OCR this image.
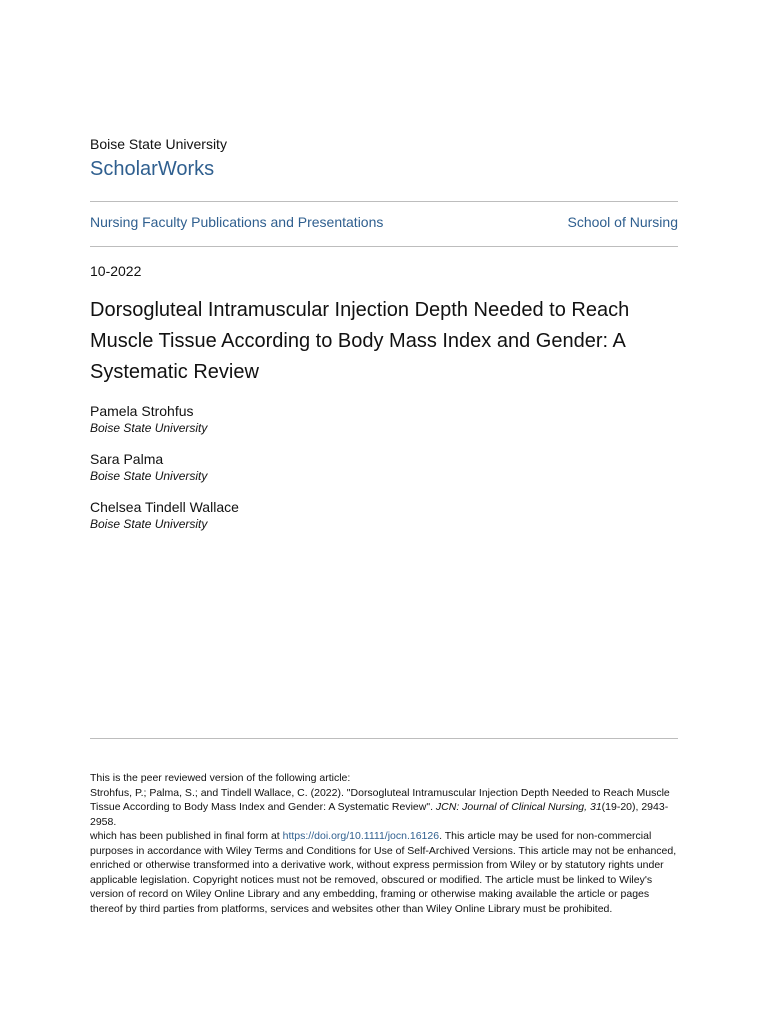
Boise State University
ScholarWorks
Nursing Faculty Publications and Presentations	School of Nursing
10-2022
Dorsogluteal Intramuscular Injection Depth Needed to Reach Muscle Tissue According to Body Mass Index and Gender: A Systematic Review
Pamela Strohfus
Boise State University
Sara Palma
Boise State University
Chelsea Tindell Wallace
Boise State University

This is the peer reviewed version of the following article:

Strohfus, P.; Palma, S.; and Tindell Wallace, C. (2022). "Dorsogluteal Intramuscular Injection Depth Needed to Reach Muscle Tissue According to Body Mass Index and Gender: A Systematic Review". JCN: Journal of Clinical Nursing, 31(19-20), 2943-2958.

which has been published in final form at https://doi.org/10.1111/jocn.16126. This article may be used for non-commercial purposes in accordance with Wiley Terms and Conditions for Use of Self-Archived Versions. This article may not be enhanced, enriched or otherwise transformed into a derivative work, without express permission from Wiley or by statutory rights under applicable legislation. Copyright notices must not be removed, obscured or modified. The article must be linked to Wiley's version of record on Wiley Online Library and any embedding, framing or otherwise making available the article or pages thereof by third parties from platforms, services and websites other than Wiley Online Library must be prohibited.
